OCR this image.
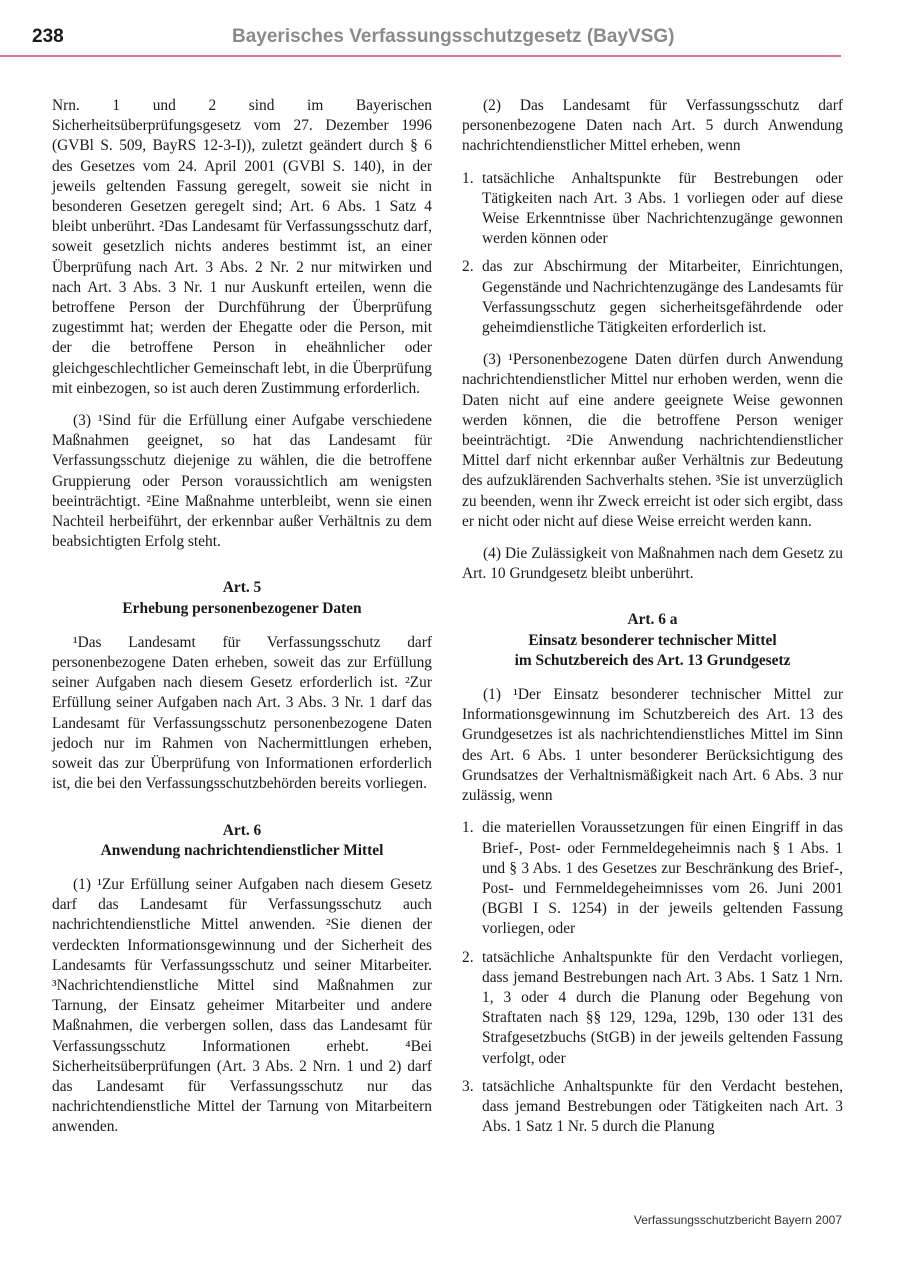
238	Bayerisches Verfassungsschutzgesetz (BayVSG)

Nrn. 1 und 2 sind im Bayerischen Sicherheitsüberprüfungsgesetz vom 27. Dezember 1996 (GVBl S. 509, BayRS 12-3-I)), zuletzt geändert durch § 6 des Gesetzes vom 24. April 2001 (GVBl S. 140), in der jeweils geltenden Fassung geregelt, soweit sie nicht in besonderen Gesetzen geregelt sind; Art. 6 Abs. 1 Satz 4 bleibt unberührt. ²Das Landesamt für Verfassungsschutz darf, soweit gesetzlich nichts anderes bestimmt ist, an einer Überprüfung nach Art. 3 Abs. 2 Nr. 2 nur mitwirken und nach Art. 3 Abs. 3 Nr. 1 nur Auskunft erteilen, wenn die betroffene Person der Durchführung der Überprüfung zugestimmt hat; werden der Ehegatte oder die Person, mit der die betroffene Person in eheähnlicher oder gleichgeschlechtlicher Gemeinschaft lebt, in die Überprüfung mit einbezogen, so ist auch deren Zustimmung erforderlich.

(3) ¹Sind für die Erfüllung einer Aufgabe verschiedene Maßnahmen geeignet, so hat das Landesamt für Verfassungsschutz diejenige zu wählen, die die betroffene Gruppierung oder Person voraussichtlich am wenigsten beeinträchtigt. ²Eine Maßnahme unterbleibt, wenn sie einen Nachteil herbeiführt, der erkennbar außer Verhältnis zu dem beabsichtigten Erfolg steht.

Art. 5
Erhebung personenbezogener Daten

¹Das Landesamt für Verfassungsschutz darf personenbezogene Daten erheben, soweit das zur Erfüllung seiner Aufgaben nach diesem Gesetz erforderlich ist. ²Zur Erfüllung seiner Aufgaben nach Art. 3 Abs. 3 Nr. 1 darf das Landesamt für Verfassungsschutz personenbezogene Daten jedoch nur im Rahmen von Nachermittlungen erheben, soweit das zur Überprüfung von Informationen erforderlich ist, die bei den Verfassungsschutzbehörden bereits vorliegen.

Art. 6
Anwendung nachrichtendienstlicher Mittel

(1) ¹Zur Erfüllung seiner Aufgaben nach diesem Gesetz darf das Landesamt für Verfassungsschutz auch nachrichtendienstliche Mittel anwenden. ²Sie dienen der verdeckten Informationsgewinnung und der Sicherheit des Landesamts für Verfassungsschutz und seiner Mitarbeiter. ³Nachrichtendienstliche Mittel sind Maßnahmen zur Tarnung, der Einsatz geheimer Mitarbeiter und andere Maßnahmen, die verbergen sollen, dass das Landesamt für Verfassungsschutz Informationen erhebt. ⁴Bei Sicherheitsüberprüfungen (Art. 3 Abs. 2 Nrn. 1 und 2) darf das Landesamt für Verfassungsschutz nur das nachrichtendienstliche Mittel der Tarnung von Mitarbeitern anwenden.

(2) Das Landesamt für Verfassungsschutz darf personenbezogene Daten nach Art. 5 durch Anwendung nachrichtendienstlicher Mittel erheben, wenn

1. tatsächliche Anhaltspunkte für Bestrebungen oder Tätigkeiten nach Art. 3 Abs. 1 vorliegen oder auf diese Weise Erkenntnisse über Nachrichtenzugänge gewonnen werden können oder
2. das zur Abschirmung der Mitarbeiter, Einrichtungen, Gegenstände und Nachrichtenzugänge des Landesamts für Verfassungsschutz gegen sicherheitsgefährdende oder geheimdienstliche Tätigkeiten erforderlich ist.

(3) ¹Personenbezogene Daten dürfen durch Anwendung nachrichtendienstlicher Mittel nur erhoben werden, wenn die Daten nicht auf eine andere geeignete Weise gewonnen werden können, die die betroffene Person weniger beeinträchtigt. ²Die Anwendung nachrichtendienstlicher Mittel darf nicht erkennbar außer Verhältnis zur Bedeutung des aufzuklärenden Sachverhalts stehen. ³Sie ist unverzüglich zu beenden, wenn ihr Zweck erreicht ist oder sich ergibt, dass er nicht oder nicht auf diese Weise erreicht werden kann.

(4) Die Zulässigkeit von Maßnahmen nach dem Gesetz zu Art. 10 Grundgesetz bleibt unberührt.

Art. 6 a
Einsatz besonderer technischer Mittel
im Schutzbereich des Art. 13 Grundgesetz

(1) ¹Der Einsatz besonderer technischer Mittel zur Informationsgewinnung im Schutzbereich des Art. 13 des Grundgesetzes ist als nachrichtendienstliches Mittel im Sinn des Art. 6 Abs. 1 unter besonderer Berücksichtigung des Grundsatzes der Verhaltnismäßigkeit nach Art. 6 Abs. 3 nur zulässig, wenn

1. die materiellen Voraussetzungen für einen Eingriff in das Brief-, Post- oder Fernmeldegeheimnis nach § 1 Abs. 1 und § 3 Abs. 1 des Gesetzes zur Beschränkung des Brief-, Post- und Fernmeldegeheimnisses vom 26. Juni 2001 (BGBl I S. 1254) in der jeweils geltenden Fassung vorliegen, oder
2. tatsächliche Anhaltspunkte für den Verdacht vorliegen, dass jemand Bestrebungen nach Art. 3 Abs. 1 Satz 1 Nrn. 1, 3 oder 4 durch die Planung oder Begehung von Straftaten nach §§ 129, 129a, 129b, 130 oder 131 des Strafgesetzbuchs (StGB) in der jeweils geltenden Fassung verfolgt, oder
3. tatsächliche Anhaltspunkte für den Verdacht bestehen, dass jemand Bestrebungen oder Tätigkeiten nach Art. 3 Abs. 1 Satz 1 Nr. 5 durch die Planung
Verfassungsschutzbericht Bayern 2007
